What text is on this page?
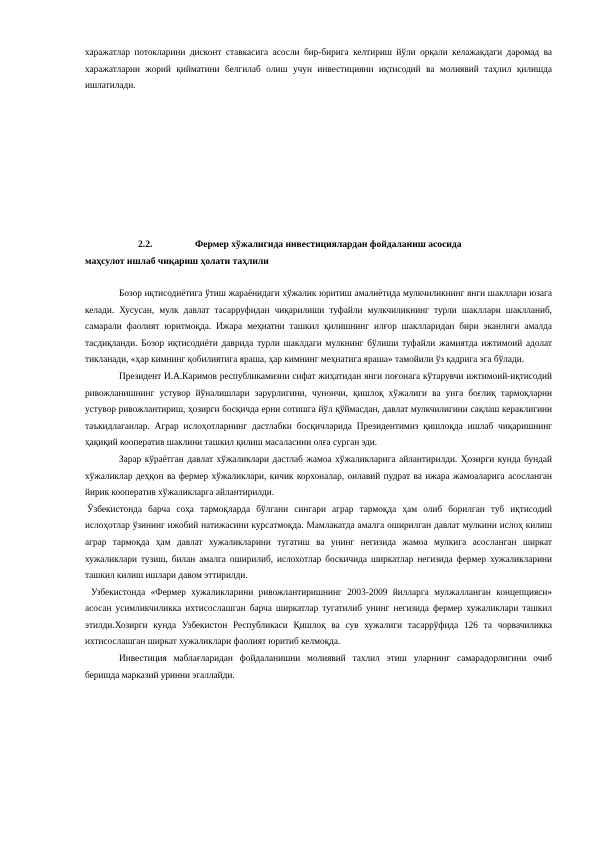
харажатлар потокларини дисконт ставкасига асосли бир-бирига келтириш йўли орқали келажакдаги даромад ва харажатларни жорий қийматини белгилаб олиш учун инвестицияни иқтисодий ва молиявий таҳлил қилишда ишлатилади.

2.2.	Фермер хўжалигида инвестициялардан фойдаланиш асосида
маҳсулот ишлаб чиқариш ҳолати таҳлили

Бозор иқтисодиётига ўтиш жараёнидаги хўжалик юритиш амалиётида мулкчиликнинг янги шакллари юзага келади. Хусусан, мулк давлат тасарруфидан чиқарилиши туфайли мулкчиликнинг турли шакллари шаклланиб, самарали фаолият юритмоқда. Ижара меҳнатни ташкил қилишнинг илғор шаклларидан бири эканлиги амалда тасдиқланди. Бозор иқтисодиёти даврида турли шаклдаги мулкнинг бўлиши туфайли жамиятда ижтимоий адолат тикланади, «ҳар кимнинг қобилиятига яраша, ҳар кимнинг меҳнатига яраша» тамойили ўз қадрига эга бўлади.

Президент И.А.Каримов республикамизни сифат жиҳатидан янги поғонага кўтарувчи ижтимоий-иқтисодий ривожланишнинг устувор йўналишлари зарурлигини, чунончи, қишлоқ хўжалиги ва унга боғлиқ тармоқларни устувор ривожлантириш, ҳозирги босқичда ерни сотишга йўл қўймасдан, давлат мулкчилигини сақлаш кераклигини таъкидлаганлар. Аграр ислоҳотларнинг дастлабки босқичларида Президентимиз қишлоқда ишлаб чиқаришнинг ҳақиқий кооператив шаклини ташкил қилиш масаласини олға сурган эди.

Зарар кўраётган давлат хўжаликлари дастлаб жамоа хўжаликларига айлантирилди. Ҳозирги кунда бундай хўжаликлар деҳқон ва фермер хўжаликлари, кичик корхоналар, оилавий пудрат ва ижара жамоаларига асосланган йирик кооператив хўжаликларга айлантирилди.

Ўзбекистонда барча соҳа тармоқларда бўлгани сингари аграр тармоқда ҳам олиб борилган туб иқтисодий ислоҳотлар ўзининг ижобий натижасини курсатмоқда. Мамлакатда амалга оширилган давлат мулкини ислоҳ килиш аграр тармоқда ҳам давлат хужаликларини тугатиш ва унинг негизида жамоа мулкига асосланган ширкат хужаликлари тузиш, билан амалга оширилиб, ислохотлар боскичида ширкатлар негизида фермер хужаликларини ташкил килиш ишлари давом эттирилди.

Узбекистонда «Фермер хужаликларини ривожлантиришнинг 2003-2009 йилларга мулжалланган концепцияси» асосан усимликчиликка ихтисослашган барча ширкатлар тугатилиб унинг негизида фермер хужаликлари ташкил этилди.Хозирги кунда Узбекистон Республикаси Қишлоқ ва сув хужалиги тасаррўфида 126 та чорвачиликка ихтисослашган ширкат хужаликлари фаолият юритиб келмоқда.

Инвестиция маблағларидан фойдаланишни молиявий тахлил этиш уларнинг самарадорлигини очиб беришда марказий уринни эгаллайди.
